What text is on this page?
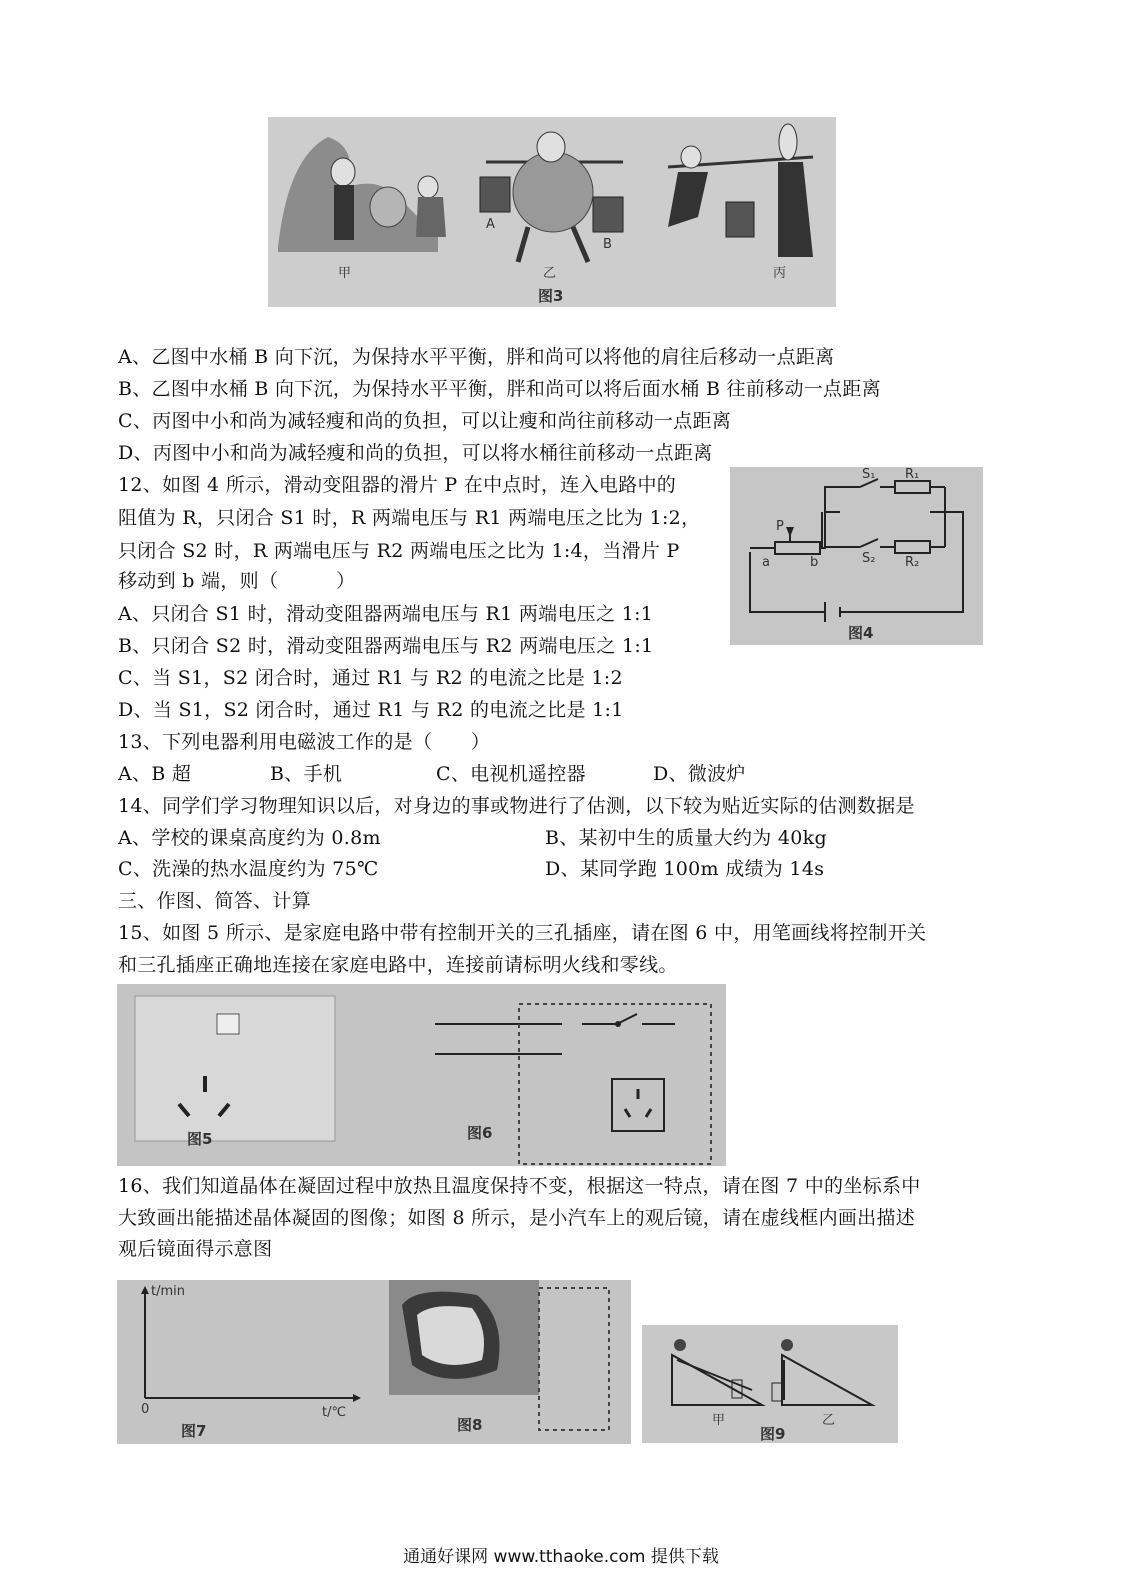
A
B
甲	乙	丙
图3
A、乙图中水桶 B 向下沉，为保持水平平衡，胖和尚可以将他的肩往后移动一点距离
B、乙图中水桶 B 向下沉，为保持水平平衡，胖和尚可以将后面水桶 B 往前移动一点距离
C、丙图中小和尚为减轻瘦和尚的负担，可以让瘦和尚往前移动一点距离
D、丙图中小和尚为减轻瘦和尚的负担，可以将水桶往前移动一点距离
12、如图 4 所示，滑动变阻器的滑片 P 在中点时，连入电路中的
阻值为 R，只闭合 S1 时，R 两端电压与 R1 两端电压之比为 1:2，
只闭合 S2 时，R 两端电压与 R2 两端电压之比为 1:4，当滑片 P
移动到 b 端，则（　　　）
A、只闭合 S1 时，滑动变阻器两端电压与 R1 两端电压之 1:1
B、只闭合 S2 时，滑动变阻器两端电压与 R2 两端电压之 1:1
C、当 S1，S2 闭合时，通过 R1 与 R2 的电流之比是 1:2
D、当 S1，S2 闭合时，通过 R1 与 R2 的电流之比是 1:1
S₁ R₁
S₂ R₂
P
a	b
图4
13、下列电器利用电磁波工作的是（　　）
A、B 超	B、手机	C、电视机遥控器	D、微波炉
14、同学们学习物理知识以后，对身边的事或物进行了估测，以下较为贴近实际的估测数据是
A、学校的课桌高度约为 0.8m	B、某初中生的质量大约为 40kg
C、洗澡的热水温度约为 75℃	D、某同学跑 100m 成绩为 14s
三、作图、简答、计算
15、如图 5 所示、是家庭电路中带有控制开关的三孔插座，请在图 6 中，用笔画线将控制开关
和三孔插座正确地连接在家庭电路中，连接前请标明火线和零线。
图5	图6
16、我们知道晶体在凝固过程中放热且温度保持不变，根据这一特点，请在图 7 中的坐标系中
大致画出能描述晶体凝固的图像；如图 8 所示，是小汽车上的观后镜，请在虚线框内画出描述
观后镜面得示意图
t/min
t/℃
0
图7	图8	甲	乙
图9
通通好课网 www.tthaoke.com 提供下载
